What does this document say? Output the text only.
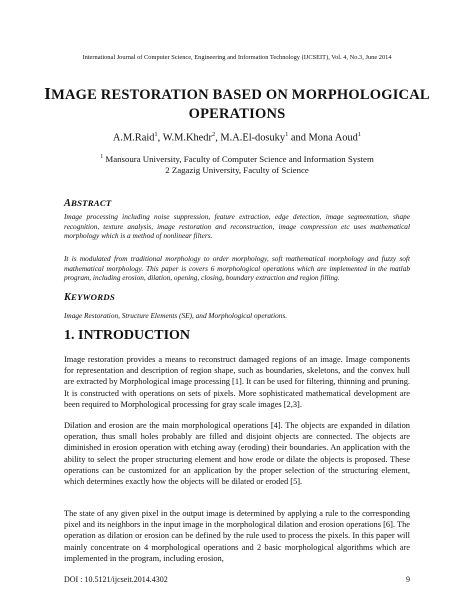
International Journal of Computer Science, Engineering and Information Technology (IJCSEIT), Vol. 4, No.3, June 2014
IMAGE RESTORATION BASED ON MORPHOLOGICAL
OPERATIONS
A.M.Raid$^1$, W.M.Khedr$^2$, M.A.El-dosuky$^1$ and Mona Aoud$^1$
$^1$ Mansoura University, Faculty of Computer Science and Information System
2 Zagazig University, Faculty of Science
ABSTRACT
Image processing including noise suppression, feature extraction, edge detection, image segmentation, shape recognition, texture analysis, image restoration and reconstruction, image compression etc uses mathematical morphology which is a method of nonlinear filters.
It is modulated from traditional morphology to order morphology, soft mathematical morphology and fuzzy soft mathematical morphology. This paper is covers 6 morphological operations which are implemented in the matlab program, including erosion, dilation, opening, closing, boundary extraction and region filling.
KEYWORDS
Image Restoration, Structure Elements (SE), and Morphological operations.
1. INTRODUCTION
Image restoration provides a means to reconstruct damaged regions of an image. Image components for representation and description of region shape, such as boundaries, skeletons, and the convex hull are extracted by Morphological image processing [1]. It can be used for filtering, thinning and pruning. It is constructed with operations on sets of pixels. More sophisticated mathematical development are been required to Morphological processing for gray scale images [2,3].
Dilation and erosion are the main morphological operations [4]. The objects are expanded in dilation operation, thus small holes probably are filled and disjoint objects are connected. The objects are diminished in erosion operation with etching away (eroding) their boundaries. An application with the ability to select the proper structuring element and how erode or dilate the objects is proposed. These operations can be customized for an application by the proper selection of the structuring element, which determines exactly how the objects will be dilated or eroded [5].
The state of any given pixel in the output image is determined by applying a rule to the corresponding pixel and its neighbors in the input image in the morphological dilation and erosion operations [6]. The operation as dilation or erosion can be defined by the rule used to process the pixels. In this paper will mainly concentrate on 4 morphological operations and 2 basic morphological algorithms which are implemented in the program, including erosion,
DOI : 10.5121/ijcseit.2014.4302	9
